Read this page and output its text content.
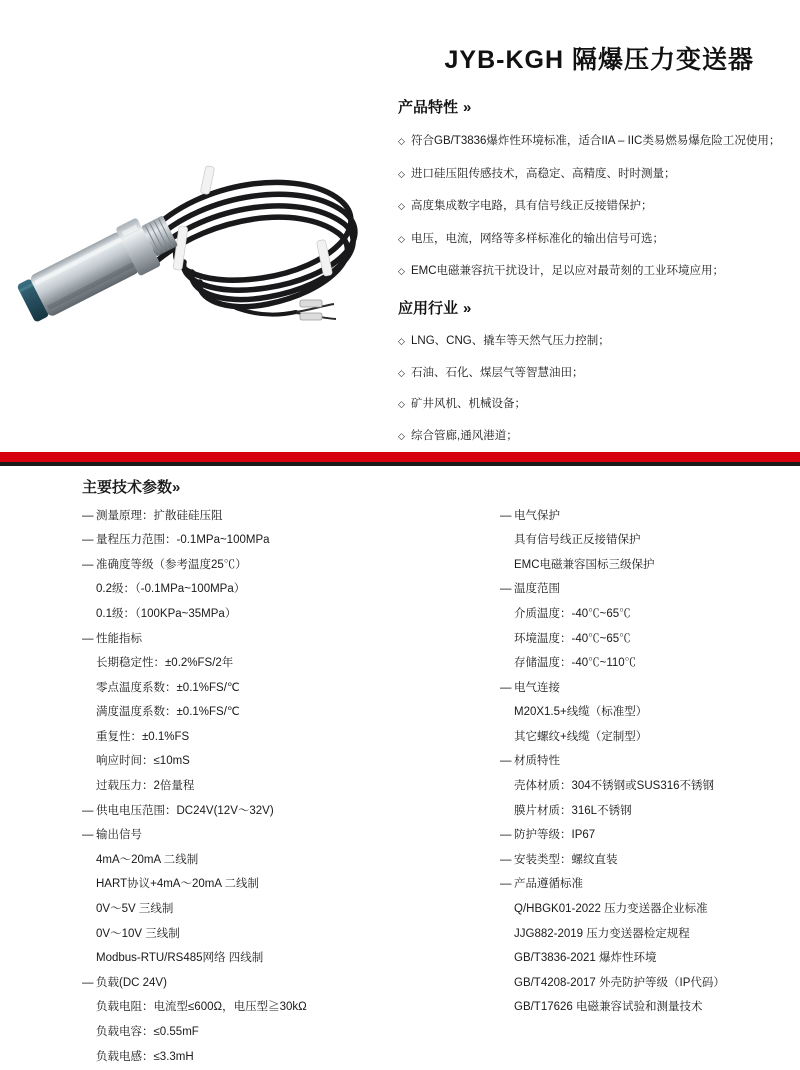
JYB-KGH 隔爆压力变送器
产品特性 »
◇ 符合GB/T3836爆炸性环境标准，适合IIA – IIC类易燃易爆危险工况使用；
◇ 进口硅压阻传感技术，高稳定、高精度、时时测量；
◇ 高度集成数字电路，具有信号线正反接错保护；
◇ 电压，电流，网络等多样标准化的输出信号可选；
◇ EMC电磁兼容抗干扰设计，足以应对最苛刻的工业环境应用；
应用行业 »
◇ LNG、CNG、撬车等天然气压力控制；
◇ 石油、石化、煤层气等智慧油田；
◇ 矿井风机、机械设备；
◇ 综合管廊,通风港道；
主要技术参数»
— 测量原理：扩散硅硅压阻
— 量程压力范围：-0.1MPa~100MPa
— 准确度等级（参考温度25℃）
0.2级：（-0.1MPa~100MPa）
0.1级：（100KPa~35MPa）
— 性能指标
长期稳定性：±0.2%FS/2年
零点温度系数：±0.1%FS/℃
满度温度系数：±0.1%FS/℃
重复性：±0.1%FS
响应时间：≤10mS
过载压力：2倍量程
— 供电电压范围：DC24V(12V～32V)
— 输出信号
4mA～20mA 二线制
HART协议+4mA～20mA 二线制
0V～5V 三线制
0V～10V 三线制
Modbus-RTU/RS485网络 四线制
— 负载(DC 24V)
负载电阻：电流型≤600Ω，电压型≧30kΩ
负载电容：≤0.55mF
负载电感：≤3.3mH
— 电气保护
具有信号线正反接错保护
EMC电磁兼容国标三级保护
— 温度范围
介质温度：-40℃~65℃
环境温度：-40℃~65℃
存储温度：-40℃~110℃
— 电气连接
M20X1.5+线缆（标准型）
其它螺纹+线缆（定制型）
— 材质特性
壳体材质：304不锈钢或SUS316不锈钢
膜片材质：316L不锈钢
— 防护等级：IP67
— 安装类型：螺纹直装
— 产品遵循标准
Q/HBGK01-2022 压力变送器企业标准
JJG882-2019 压力变送器检定规程
GB/T3836-2021 爆炸性环境
GB/T4208-2017 外壳防护等级（IP代码）
GB/T17626 电磁兼容试验和测量技术
